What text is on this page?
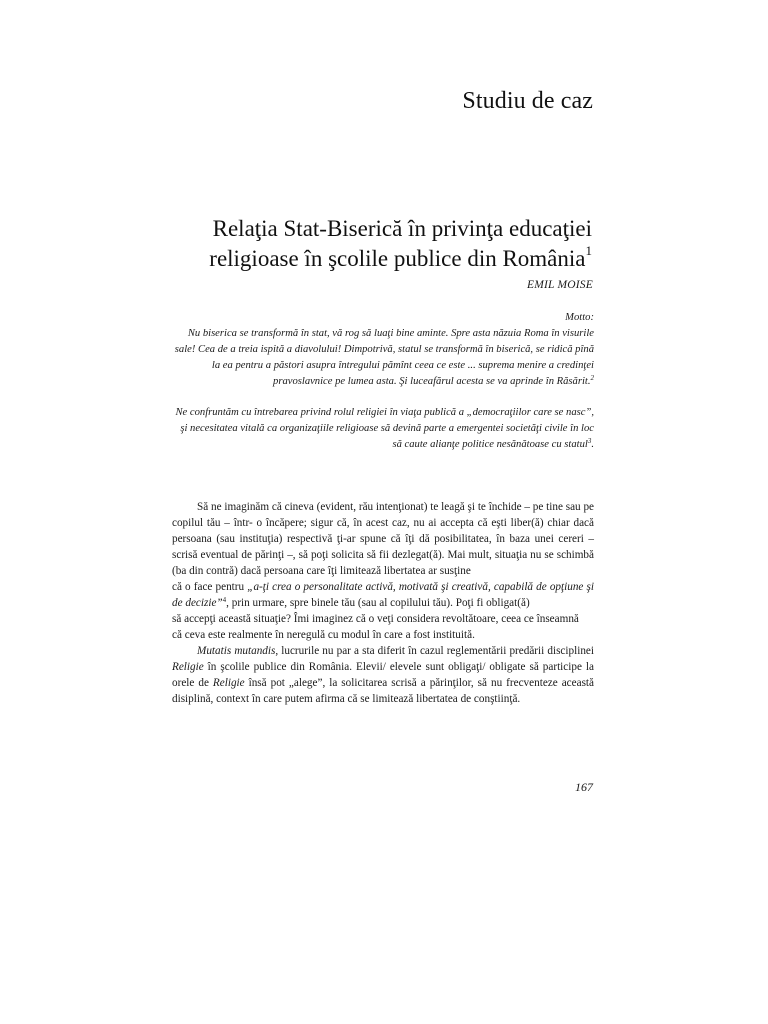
Studiu de caz
Relaţia Stat-Biserică în privinţa educaţiei
religioase în şcolile publice din România$^1$
EMIL MOISE

Motto:

Nu biserica se transformă în stat, vă rog să luaţi bine aminte. Spre asta năzuia Roma în visurile sale! Cea de a treia ispită a diavolului! Dimpotrivă, statul se transformă în biserică, se ridică pînă la ea pentru a păstori asupra întregului pămînt ceea ce este ... suprema menire a credinţei pravoslavnice pe lumea asta. Şi luceafărul acesta se va aprinde în Răsărit.$^2$

Ne confruntăm cu întrebarea privind rolul religiei în viaţa publică a „democraţiilor care se nasc”, şi necesitatea vitală ca organizaţiile religioase să devină parte a emergentei societăţi civile în loc să caute alianţe politice nesănătoase cu statul$^3$.

Să ne imaginăm că cineva (evident, rău intenţionat) te leagă şi te închide – pe tine sau pe copilul tău – într- o încăpere; sigur că, în acest caz, nu ai accepta că eşti liber(ă) chiar dacă persoana (sau instituţia) respectivă ţi-ar spune că îţi dă posibilitatea, în baza unei cereri – scrisă eventual de părinţi –, să poţi solicita să fii dezlegat(ă). Mai mult, situaţia nu se schimbă (ba din contră) dacă persoana care îţi limitează libertatea ar susţine

că o face pentru „a-ţi crea o personalitate activă, motivată şi creativă, capabilă de opţiune şi de decizie”$^4$, prin urmare, spre binele tău (sau al copilului tău). Poţi fi obligat(ă)

să accepţi această situaţie? Îmi imaginez că o veţi considera revoltătoare, ceea ce înseamnă

că ceva este realmente în neregulă cu modul în care a fost instituită.

Mutatis mutandis, lucrurile nu par a sta diferit în cazul reglementării predării disciplinei Religie în şcolile publice din România. Elevii/ elevele sunt obligaţi/ obligate să participe la orele de Religie însă pot „alege”, la solicitarea scrisă a părinţilor, să nu frecventeze această disiplină, context în care putem afirma că se limitează libertatea de conştiinţă.

167
